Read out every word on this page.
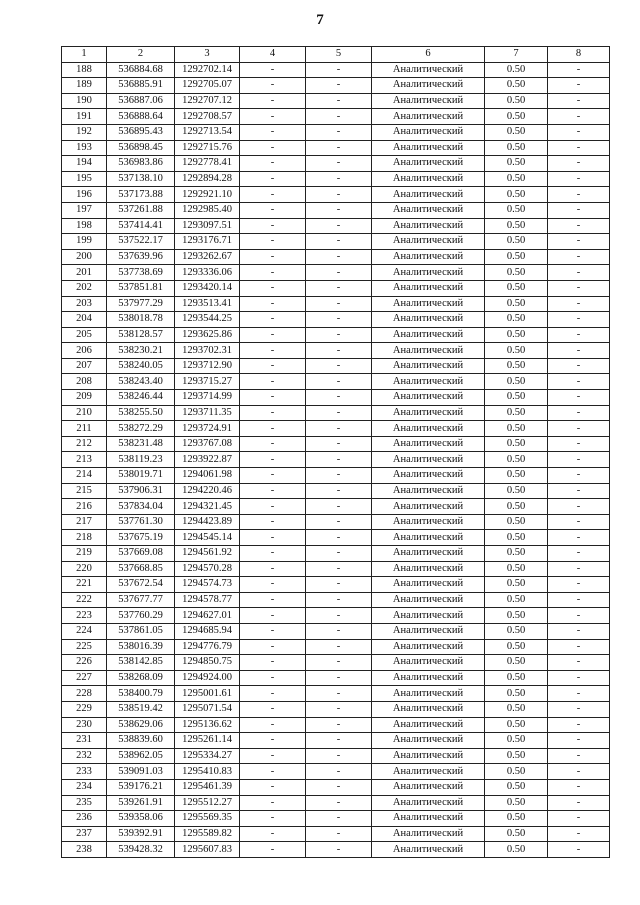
7
1	2	3	4	5	6	7	8
188	536884.68	1292702.14	-	-	Аналитический	0.50	-
189	536885.91	1292705.07	-	-	Аналитический	0.50	-
190	536887.06	1292707.12	-	-	Аналитический	0.50	-
191	536888.64	1292708.57	-	-	Аналитический	0.50	-
192	536895.43	1292713.54	-	-	Аналитический	0.50	-
193	536898.45	1292715.76	-	-	Аналитический	0.50	-
194	536983.86	1292778.41	-	-	Аналитический	0.50	-
195	537138.10	1292894.28	-	-	Аналитический	0.50	-
196	537173.88	1292921.10	-	-	Аналитический	0.50	-
197	537261.88	1292985.40	-	-	Аналитический	0.50	-
198	537414.41	1293097.51	-	-	Аналитический	0.50	-
199	537522.17	1293176.71	-	-	Аналитический	0.50	-
200	537639.96	1293262.67	-	-	Аналитический	0.50	-
201	537738.69	1293336.06	-	-	Аналитический	0.50	-
202	537851.81	1293420.14	-	-	Аналитический	0.50	-
203	537977.29	1293513.41	-	-	Аналитический	0.50	-
204	538018.78	1293544.25	-	-	Аналитический	0.50	-
205	538128.57	1293625.86	-	-	Аналитический	0.50	-
206	538230.21	1293702.31	-	-	Аналитический	0.50	-
207	538240.05	1293712.90	-	-	Аналитический	0.50	-
208	538243.40	1293715.27	-	-	Аналитический	0.50	-
209	538246.44	1293714.99	-	-	Аналитический	0.50	-
210	538255.50	1293711.35	-	-	Аналитический	0.50	-
211	538272.29	1293724.91	-	-	Аналитический	0.50	-
212	538231.48	1293767.08	-	-	Аналитический	0.50	-
213	538119.23	1293922.87	-	-	Аналитический	0.50	-
214	538019.71	1294061.98	-	-	Аналитический	0.50	-
215	537906.31	1294220.46	-	-	Аналитический	0.50	-
216	537834.04	1294321.45	-	-	Аналитический	0.50	-
217	537761.30	1294423.89	-	-	Аналитический	0.50	-
218	537675.19	1294545.14	-	-	Аналитический	0.50	-
219	537669.08	1294561.92	-	-	Аналитический	0.50	-
220	537668.85	1294570.28	-	-	Аналитический	0.50	-
221	537672.54	1294574.73	-	-	Аналитический	0.50	-
222	537677.77	1294578.77	-	-	Аналитический	0.50	-
223	537760.29	1294627.01	-	-	Аналитический	0.50	-
224	537861.05	1294685.94	-	-	Аналитический	0.50	-
225	538016.39	1294776.79	-	-	Аналитический	0.50	-
226	538142.85	1294850.75	-	-	Аналитический	0.50	-
227	538268.09	1294924.00	-	-	Аналитический	0.50	-
228	538400.79	1295001.61	-	-	Аналитический	0.50	-
229	538519.42	1295071.54	-	-	Аналитический	0.50	-
230	538629.06	1295136.62	-	-	Аналитический	0.50	-
231	538839.60	1295261.14	-	-	Аналитический	0.50	-
232	538962.05	1295334.27	-	-	Аналитический	0.50	-
233	539091.03	1295410.83	-	-	Аналитический	0.50	-
234	539176.21	1295461.39	-	-	Аналитический	0.50	-
235	539261.91	1295512.27	-	-	Аналитический	0.50	-
236	539358.06	1295569.35	-	-	Аналитический	0.50	-
237	539392.91	1295589.82	-	-	Аналитический	0.50	-
238	539428.32	1295607.83	-	-	Аналитический	0.50	-
